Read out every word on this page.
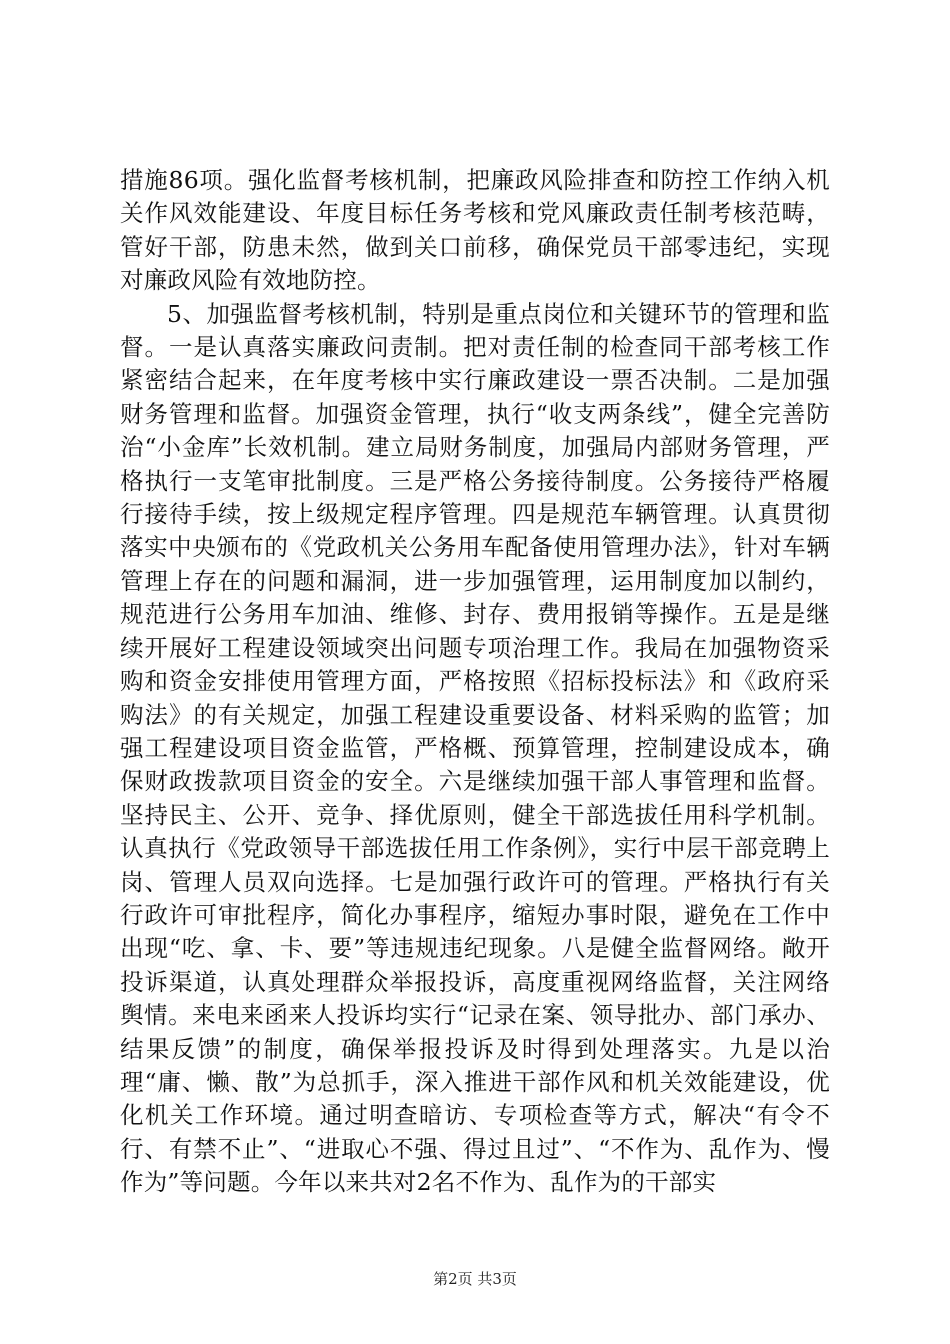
措施86项。强化监督考核机制，把廉政风险排查和防控工作纳入机关作风效能建设、年度目标任务考核和党风廉政责任制考核范畴，管好干部，防患未然，做到关口前移，确保党员干部零违纪，实现对廉政风险有效地防控。

5、加强监督考核机制，特别是重点岗位和关键环节的管理和监督。一是认真落实廉政问责制。把对责任制的检查同干部考核工作紧密结合起来，在年度考核中实行廉政建设一票否决制。二是加强财务管理和监督。加强资金管理，执行“收支两条线”，健全完善防治“小金库”长效机制。建立局财务制度，加强局内部财务管理，严格执行一支笔审批制度。三是严格公务接待制度。公务接待严格履行接待手续，按上级规定程序管理。四是规范车辆管理。认真贯彻落实中央颁布的《党政机关公务用车配备使用管理办法》，针对车辆管理上存在的问题和漏洞，进一步加强管理，运用制度加以制约，规范进行公务用车加油、维修、封存、费用报销等操作。五是是继续开展好工程建设领域突出问题专项治理工作。我局在加强物资采购和资金安排使用管理方面，严格按照《招标投标法》和《政府采购法》的有关规定，加强工程建设重要设备、材料采购的监管；加强工程建设项目资金监管，严格概、预算管理，控制建设成本，确保财政拨款项目资金的安全。六是继续加强干部人事管理和监督。坚持民主、公开、竞争、择优原则，健全干部选拔任用科学机制。认真执行《党政领导干部选拔任用工作条例》，实行中层干部竞聘上岗、管理人员双向选择。七是加强行政许可的管理。严格执行有关行政许可审批程序，简化办事程序，缩短办事时限，避免在工作中出现“吃、拿、卡、要”等违规违纪现象。八是健全监督网络。敞开投诉渠道，认真处理群众举报投诉，高度重视网络监督，关注网络舆情。来电来函来人投诉均实行“记录在案、领导批办、部门承办、结果反馈”的制度，确保举报投诉及时得到处理落实。九是以治理“庸、懒、散”为总抓手，深入推进干部作风和机关效能建设，优化机关工作环境。通过明查暗访、专项检查等方式，解决“有令不行、有禁不止”、“进取心不强、得过且过”、“不作为、乱作为、慢作为”等问题。今年以来共对2名不作为、乱作为的干部实

第2页 共3页
